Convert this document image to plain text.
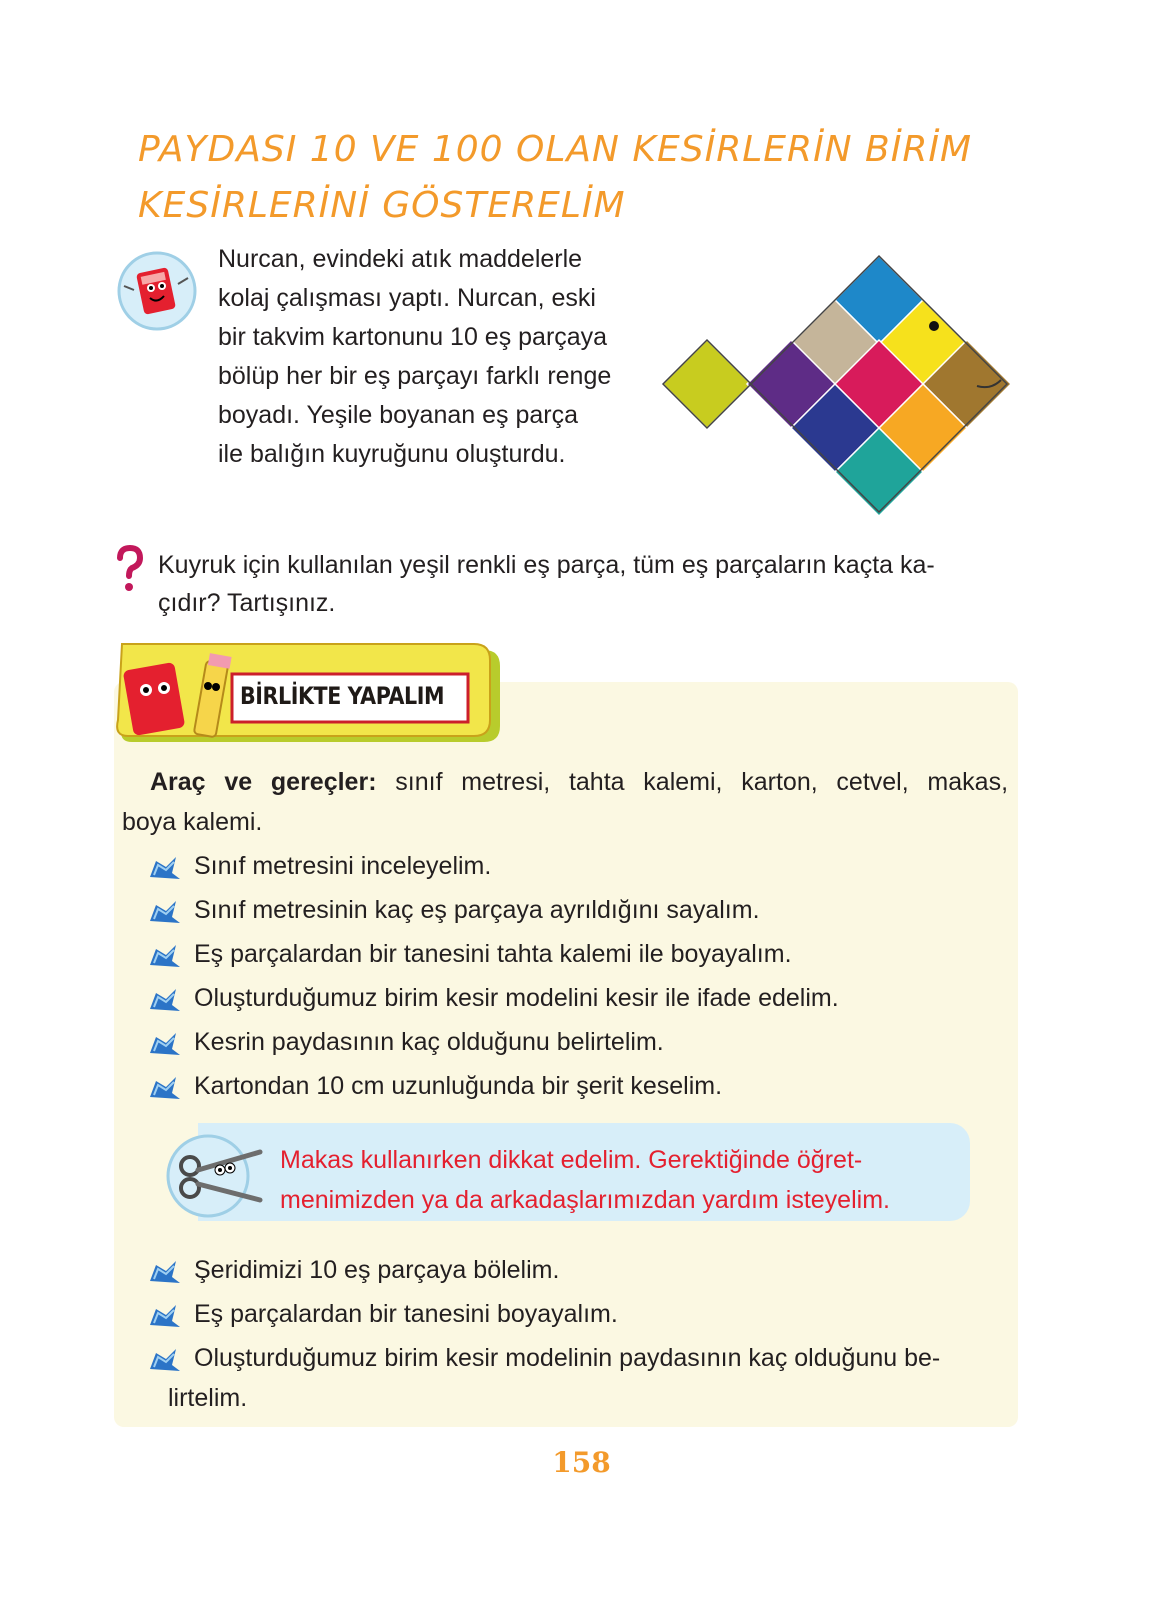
PAYDASI 10 VE 100 OLAN KESİRLERİN BİRİM
KESİRLERİNİ GÖSTERELİM
Nurcan, evindeki atık maddelerle
kolaj çalışması yaptı. Nurcan, eski
bir takvim kartonunu 10 eş parçaya
bölüp her bir eş parçayı farklı renge
boyadı. Yeşile boyanan eş parça
ile balığın kuyruğunu oluşturdu.
Kuyruk için kullanılan yeşil renkli eş parça, tüm eş parçaların kaçta ka-
çıdır? Tartışınız.
BİRLİKTE YAPALIM
Araç ve gereçler: sınıf metresi, tahta kalemi, karton, cetvel, makas,
boya kalemi.
Sınıf metresini inceleyelim.
Sınıf metresinin kaç eş parçaya ayrıldığını sayalım.
Eş parçalardan bir tanesini tahta kalemi ile boyayalım.
Oluşturduğumuz birim kesir modelini kesir ile ifade edelim.
Kesrin paydasının kaç olduğunu belirtelim.
Kartondan 10 cm uzunluğunda bir şerit keselim.
Makas kullanırken dikkat edelim. Gerektiğinde öğret-
menimizden ya da arkadaşlarımızdan yardım isteyelim.
Şeridimizi 10 eş parçaya bölelim.
Eş parçalardan bir tanesini boyayalım.
Oluşturduğumuz birim kesir modelinin paydasının kaç olduğunu be-
lirtelim.
158
